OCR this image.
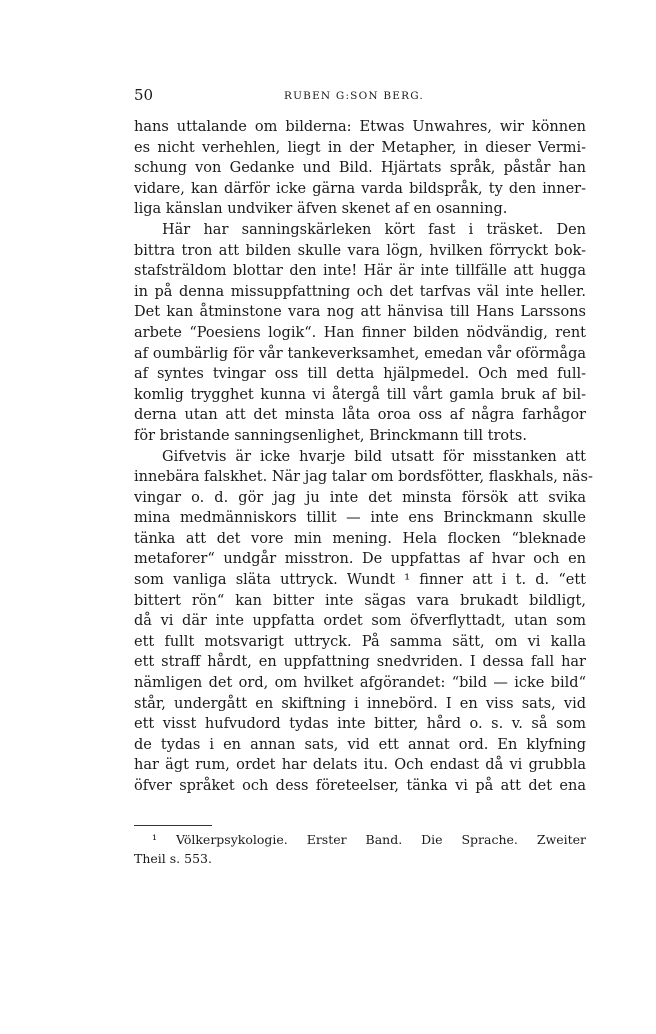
50	RUBEN G:SON BERG.
hans uttalande om bilderna: Etwas Unwahres, wir können
es nicht verhehlen, liegt in der Metapher, in dieser Vermi-
schung von Gedanke und Bild. Hjärtats språk, påstår han
vidare, kan därför icke gärna varda bildspråk, ty den inner-
liga känslan undviker äfven skenet af en osanning.
Här har sanningskärleken kört fast i träsket. Den
bittra tron att bilden skulle vara lögn, hvilken förryckt bok-
stafsträldom blottar den inte! Här är inte tillfälle att hugga
in på denna missuppfattning och det tarfvas väl inte heller.
Det kan åtminstone vara nog att hänvisa till Hans Larssons
arbete “Poesiens logik“. Han finner bilden nödvändig, rent
af oumbärlig för vår tankeverksamhet, emedan vår oförmåga
af syntes tvingar oss till detta hjälpmedel. Och med full-
komlig trygghet kunna vi återgå till vårt gamla bruk af bil-
derna utan att det minsta låta oroa oss af några farhågor
för bristande sanningsenlighet, Brinckmann till trots.
Gifvetvis är icke hvarje bild utsatt för misstanken att
innebära falskhet. När jag talar om bordsfötter, flaskhals, näs-
vingar o. d. gör jag ju inte det minsta försök att svika
mina medmänniskors tillit — inte ens Brinckmann skulle
tänka att det vore min mening. Hela flocken “bleknade
metaforer“ undgår misstron. De uppfattas af hvar och en
som vanliga släta uttryck. Wundt ¹ finner att i t. d. “ett
bittert rön“ kan bitter inte sägas vara brukadt bildligt,
då vi där inte uppfatta ordet som öfverflyttadt, utan som
ett fullt motsvarigt uttryck. På samma sätt, om vi kalla
ett straff hårdt, en uppfattning snedvriden. I dessa fall har
nämligen det ord, om hvilket afgörandet: “bild — icke bild“
står, undergått en skiftning i innebörd. I en viss sats, vid
ett visst hufvudord tydas inte bitter, hård o. s. v. så som
de tydas i en annan sats, vid ett annat ord. En klyfning
har ägt rum, ordet har delats itu. Och endast då vi grubbla
öfver språket och dess företeelser, tänka vi på att det ena
¹ Völkerpsykologie. Erster Band. Die Sprache. Zweiter
Theil s. 553.
